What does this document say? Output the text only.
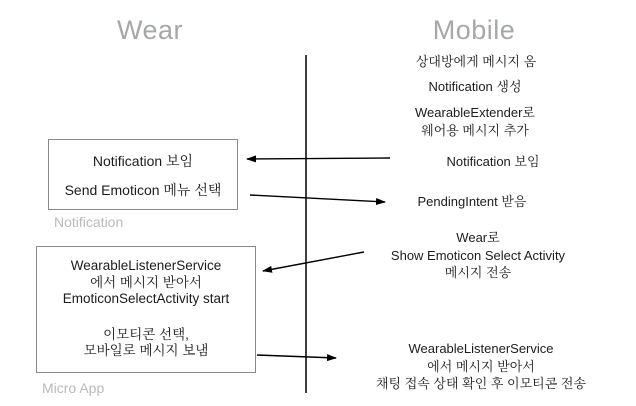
Wear	Mobile
Notification 보임
Send Emoticon 메뉴 선택
Notification
WearableListenerService
에서 메시지 받아서
EmoticonSelectActivity start
이모티콘 선택,
모바일로 메시지 보냄
Micro App
상대방에게 메시지 옴
Notification 생성
WearableExtender로
웨어용 메시지 추가
Notification 보임
PendingIntent 받음
Wear로
Show Emoticon Select Activity
메시지 전송
WearableListenerService
에서 메시지 받아서
채팅 접속 상태 확인 후 이모티콘 전송
